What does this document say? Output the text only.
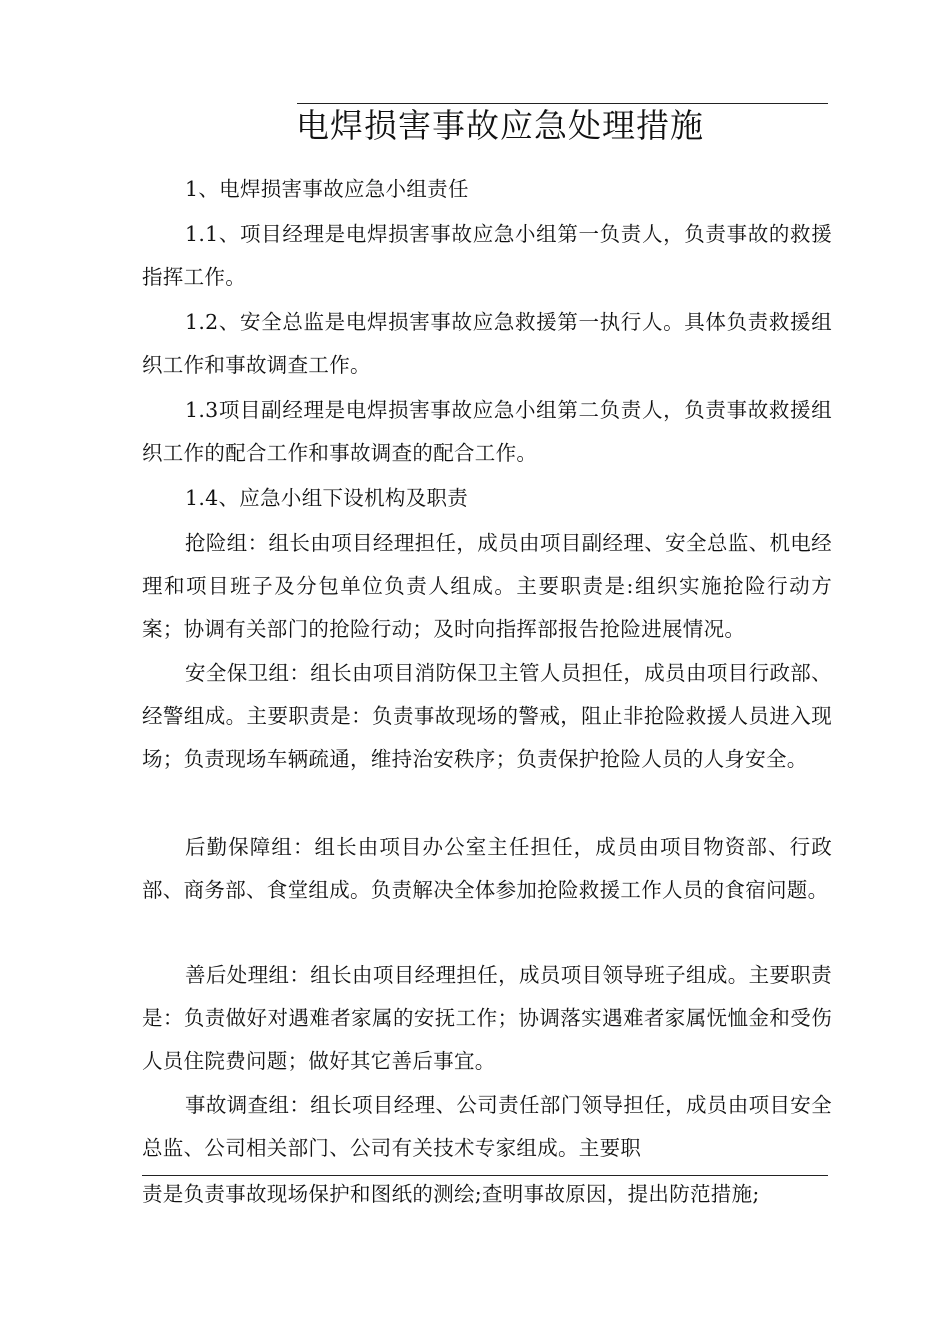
电焊损害事故应急处理措施

1、电焊损害事故应急小组责任

1.1、项目经理是电焊损害事故应急小组第一负责人，负责事故的救援指挥工作。

1.2、安全总监是电焊损害事故应急救援第一执行人。具体负责救援组织工作和事故调查工作。

1.3项目副经理是电焊损害事故应急小组第二负责人，负责事故救援组织工作的配合工作和事故调查的配合工作。

1.4、应急小组下设机构及职责

抢险组：组长由项目经理担任，成员由项目副经理、安全总监、机电经理和项目班子及分包单位负责人组成。主要职责是:组织实施抢险行动方案；协调有关部门的抢险行动；及时向指挥部报告抢险进展情况。

安全保卫组：组长由项目消防保卫主管人员担任，成员由项目行政部、经警组成。主要职责是：负责事故现场的警戒，阻止非抢险救援人员进入现场；负责现场车辆疏通，维持治安秩序；负责保护抢险人员的人身安全。

后勤保障组：组长由项目办公室主任担任，成员由项目物资部、行政部、商务部、食堂组成。负责解决全体参加抢险救援工作人员的食宿问题。

善后处理组：组长由项目经理担任，成员项目领导班子组成。主要职责是：负责做好对遇难者家属的安抚工作；协调落实遇难者家属怃恤金和受伤人员住院费问题；做好其它善后事宜。

事故调查组：组长项目经理、公司责任部门领导担任，成员由项目安全总监、公司相关部门、公司有关技术专家组成。主要职

责是负责事故现场保护和图纸的测绘;查明事故原因，提出防范措施;
